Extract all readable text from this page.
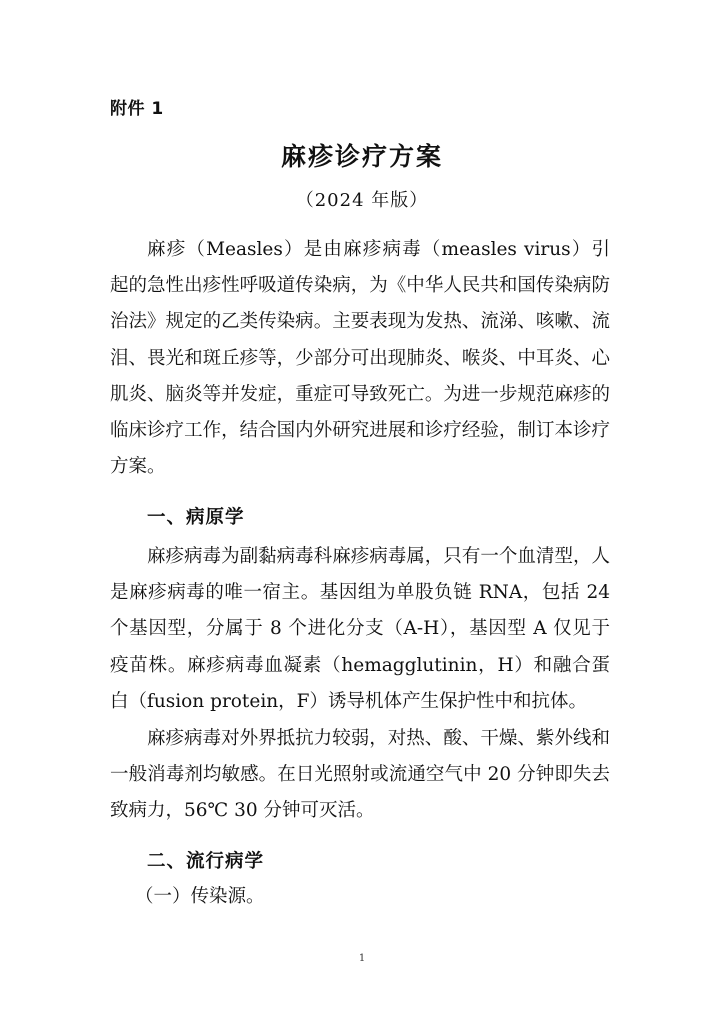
附件 1
麻疹诊疗方案
（2024 年版）

麻疹（Measles）是由麻疹病毒（measles virus）引起的急性出疹性呼吸道传染病，为《中华人民共和国传染病防治法》规定的乙类传染病。主要表现为发热、流涕、咳嗽、流泪、畏光和斑丘疹等，少部分可出现肺炎、喉炎、中耳炎、心肌炎、脑炎等并发症，重症可导致死亡。为进一步规范麻疹的临床诊疗工作，结合国内外研究进展和诊疗经验，制订本诊疗方案。

一、病原学

麻疹病毒为副黏病毒科麻疹病毒属，只有一个血清型，人是麻疹病毒的唯一宿主。基因组为单股负链 RNA，包括 24 个基因型，分属于 8 个进化分支（A-H），基因型 A 仅见于疫苗株。麻疹病毒血凝素（hemagglutinin，H）和融合蛋白（fusion protein，F）诱导机体产生保护性中和抗体。

麻疹病毒对外界抵抗力较弱，对热、酸、干燥、紫外线和一般消毒剂均敏感。在日光照射或流通空气中 20 分钟即失去致病力，56℃ 30 分钟可灭活。

二、流行病学

（一）传染源。

1
